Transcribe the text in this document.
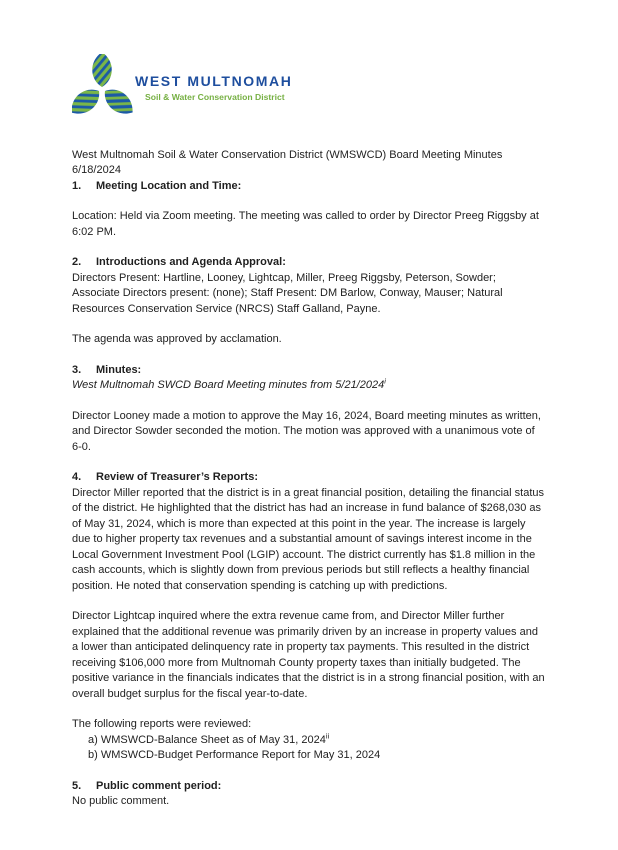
WEST MULTNOMAH
Soil & Water Conservation District

West Multnomah Soil & Water Conservation District (WMSWCD) Board Meeting Minutes 6/18/2024

1.	Meeting Location and Time:

Location: Held via Zoom meeting. The meeting was called to order by Director Preeg Riggsby at 6:02 PM.

2.	Introductions and Agenda Approval:

Directors Present: Hartline, Looney, Lightcap, Miller, Preeg Riggsby, Peterson, Sowder; Associate Directors present: (none); Staff Present: DM Barlow, Conway, Mauser; Natural Resources Conservation Service (NRCS) Staff Galland, Payne.

The agenda was approved by acclamation.

3.	Minutes:

West Multnomah SWCD Board Meeting minutes from 5/21/2024$^i$

Director Looney made a motion to approve the May 16, 2024, Board meeting minutes as written, and Director Sowder seconded the motion. The motion was approved with a unanimous vote of 6-0.

4.	Review of Treasurer’s Reports:

Director Miller reported that the district is in a great financial position, detailing the financial status of the district. He highlighted that the district has had an increase in fund balance of $268,030 as of May 31, 2024, which is more than expected at this point in the year. The increase is largely due to higher property tax revenues and a substantial amount of savings interest income in the Local Government Investment Pool (LGIP) account. The district currently has $1.8 million in the cash accounts, which is slightly down from previous periods but still reflects a healthy financial position. He noted that conservation spending is catching up with predictions.

Director Lightcap inquired where the extra revenue came from, and Director Miller further explained that the additional revenue was primarily driven by an increase in property values and a lower than anticipated delinquency rate in property tax payments. This resulted in the district receiving $106,000 more from Multnomah County property taxes than initially budgeted. The positive variance in the financials indicates that the district is in a strong financial position, with an overall budget surplus for the fiscal year-to-date.

The following reports were reviewed:

a) WMSWCD-Balance Sheet as of May 31, 2024$^{ii}$
b) WMSWCD-Budget Performance Report for May 31, 2024
5.	Public comment period:

No public comment.
